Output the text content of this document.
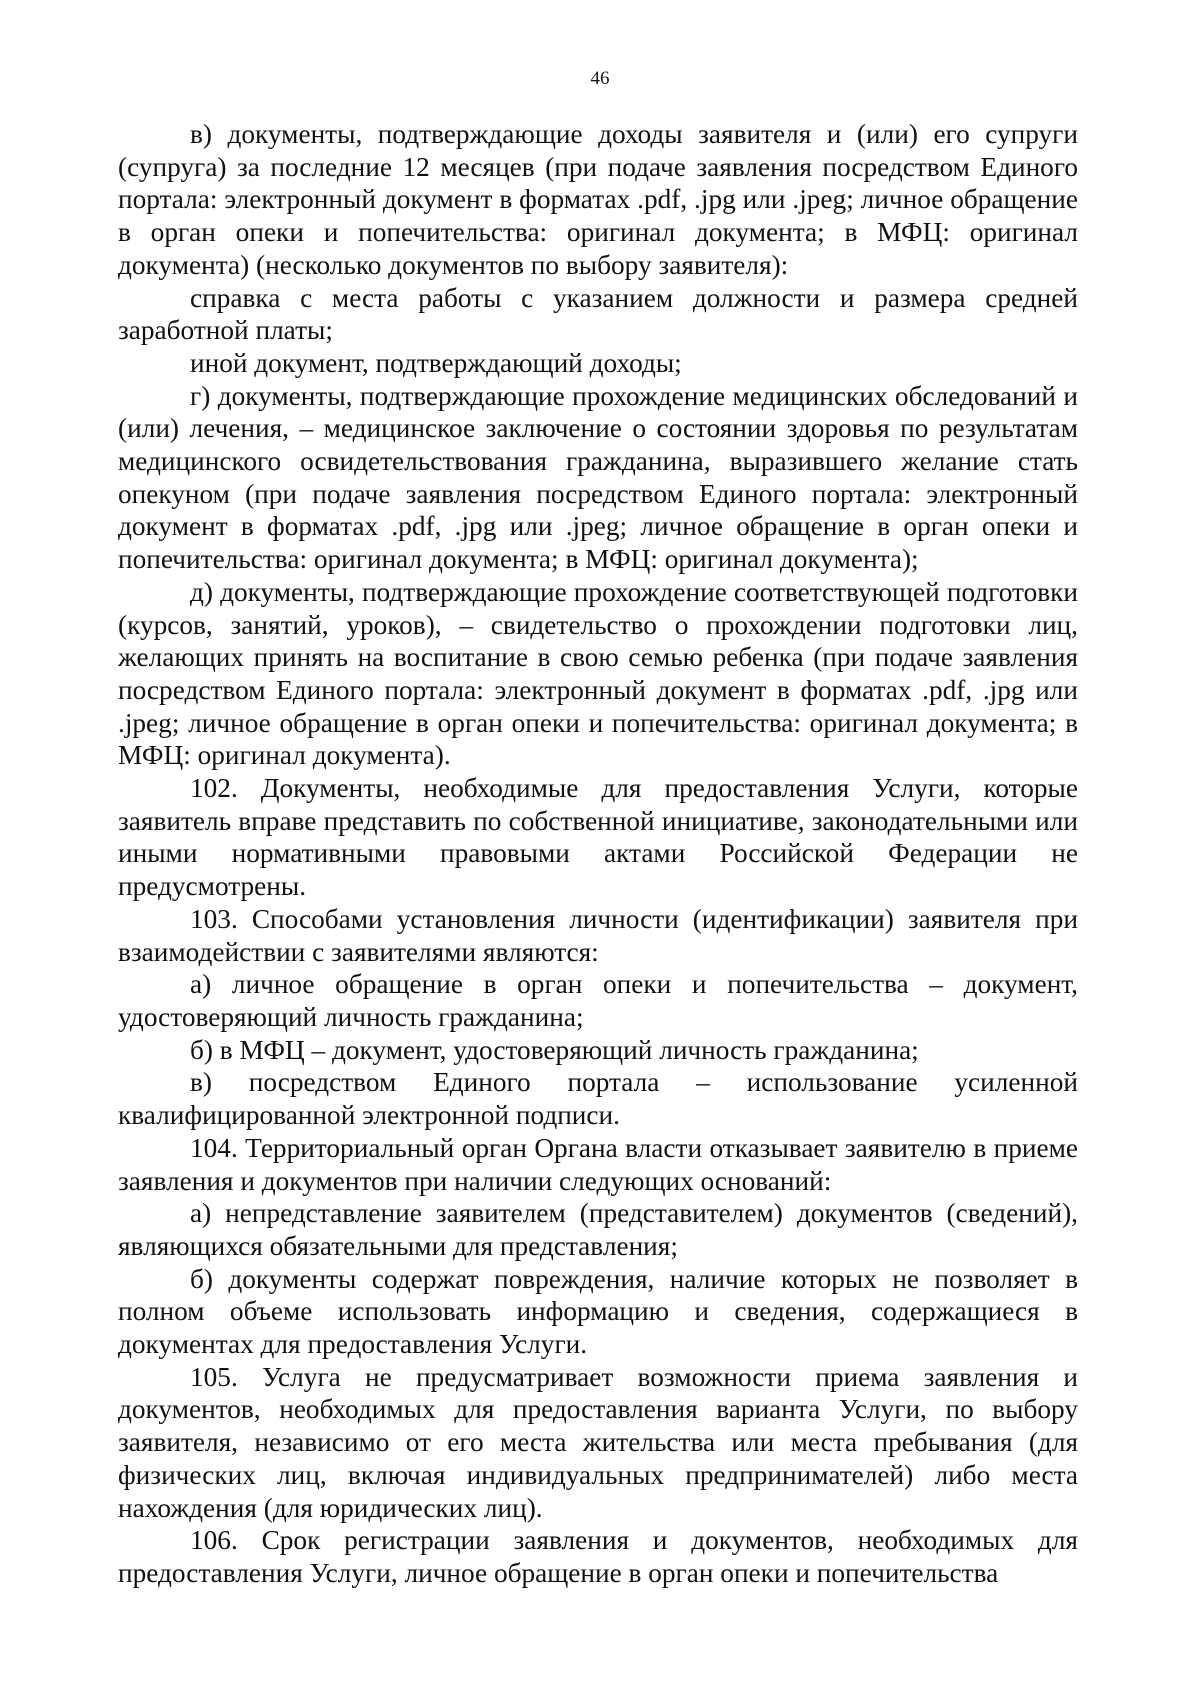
46

в) документы, подтверждающие доходы заявителя и (или) его супруги (супруга) за последние 12 месяцев (при подаче заявления посредством Единого портала: электронный документ в форматах .pdf, .jpg или .jpeg; личное обращение в орган опеки и попечительства: оригинал документа; в МФЦ: оригинал документа) (несколько документов по выбору заявителя):

справка с места работы с указанием должности и размера средней заработной платы;

иной документ, подтверждающий доходы;

г) документы, подтверждающие прохождение медицинских обследований и (или) лечения, – медицинское заключение о состоянии здоровья по результатам медицинского освидетельствования гражданина, выразившего желание стать опекуном (при подаче заявления посредством Единого портала: электронный документ в форматах .pdf, .jpg или .jpeg; личное обращение в орган опеки и попечительства: оригинал документа; в МФЦ: оригинал документа);

д) документы, подтверждающие прохождение соответствующей подготовки (курсов, занятий, уроков), – свидетельство о прохождении подготовки лиц, желающих принять на воспитание в свою семью ребенка (при подаче заявления посредством Единого портала: электронный документ в форматах .pdf, .jpg или .jpeg; личное обращение в орган опеки и попечительства: оригинал документа; в МФЦ: оригинал документа).

102. Документы, необходимые для предоставления Услуги, которые заявитель вправе представить по собственной инициативе, законодательными или иными нормативными правовыми актами Российской Федерации не предусмотрены.

103. Способами установления личности (идентификации) заявителя при взаимодействии с заявителями являются:

а) личное обращение в орган опеки и попечительства – документ, удостоверяющий личность гражданина;

б) в МФЦ – документ, удостоверяющий личность гражданина;

в) посредством Единого портала – использование усиленной квалифицированной электронной подписи.

104. Территориальный орган Органа власти отказывает заявителю в приеме заявления и документов при наличии следующих оснований:

а) непредставление заявителем (представителем) документов (сведений), являющихся обязательными для представления;

б) документы содержат повреждения, наличие которых не позволяет в полном объеме использовать информацию и сведения, содержащиеся в документах для предоставления Услуги.

105. Услуга не предусматривает возможности приема заявления и документов, необходимых для предоставления варианта Услуги, по выбору заявителя, независимо от его места жительства или места пребывания (для физических лиц, включая индивидуальных предпринимателей) либо места нахождения (для юридических лиц).

106. Срок регистрации заявления и документов, необходимых для предоставления Услуги, личное обращение в орган опеки и попечительства
